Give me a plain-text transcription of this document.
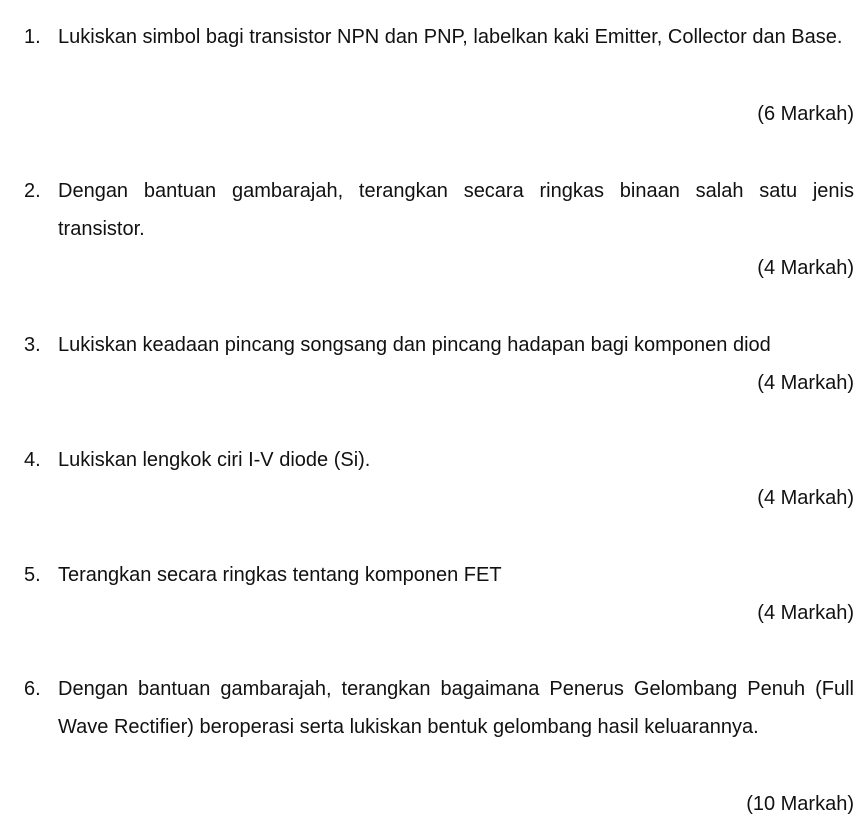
1. Lukiskan simbol bagi transistor NPN dan PNP, labelkan kaki Emitter, Collector dan Base.
(6 Markah)
2. Dengan bantuan gambarajah, terangkan secara ringkas binaan salah satu jenis transistor.
(4 Markah)
3. Lukiskan keadaan pincang songsang dan pincang hadapan bagi komponen diod
(4 Markah)
4. Lukiskan lengkok ciri I-V diode (Si).
(4 Markah)
5. Terangkan secara ringkas tentang komponen FET
(4 Markah)
6. Dengan bantuan gambarajah, terangkan bagaimana Penerus Gelombang Penuh (Full Wave Rectifier) beroperasi serta lukiskan bentuk gelombang hasil keluarannya.
(10 Markah)
